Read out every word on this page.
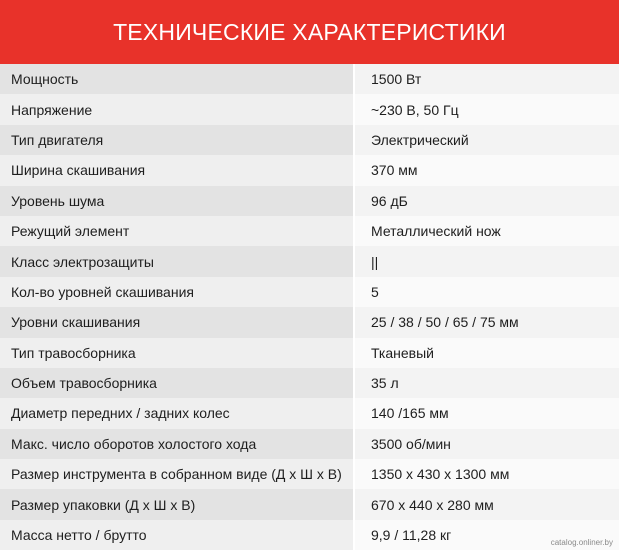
ТЕХНИЧЕСКИЕ ХАРАКТЕРИСТИКИ
Мощность	1500 Вт
Напряжение	~230 В, 50 Гц
Тип двигателя	Электрический
Ширина скашивания	370 мм
Уровень шума	96 дБ
Режущий элемент	Металлический нож
Класс электрозащиты	||
Кол-во уровней скашивания	5
Уровни скашивания	25 / 38 / 50 / 65 / 75 мм
Тип травосборника	Тканевый
Объем травосборника	35 л
Диаметр передних / задних колес	140 /165 мм
Макс. число оборотов холостого хода	3500 об/мин
Размер инструмента в собранном виде (Д х Ш х В)	1350 х 430 х 1300 мм
Размер упаковки (Д х Ш х В)	670 х 440 х 280 мм
Масса нетто / брутто	9,9 / 11,28 кг	catalog.onliner.by
